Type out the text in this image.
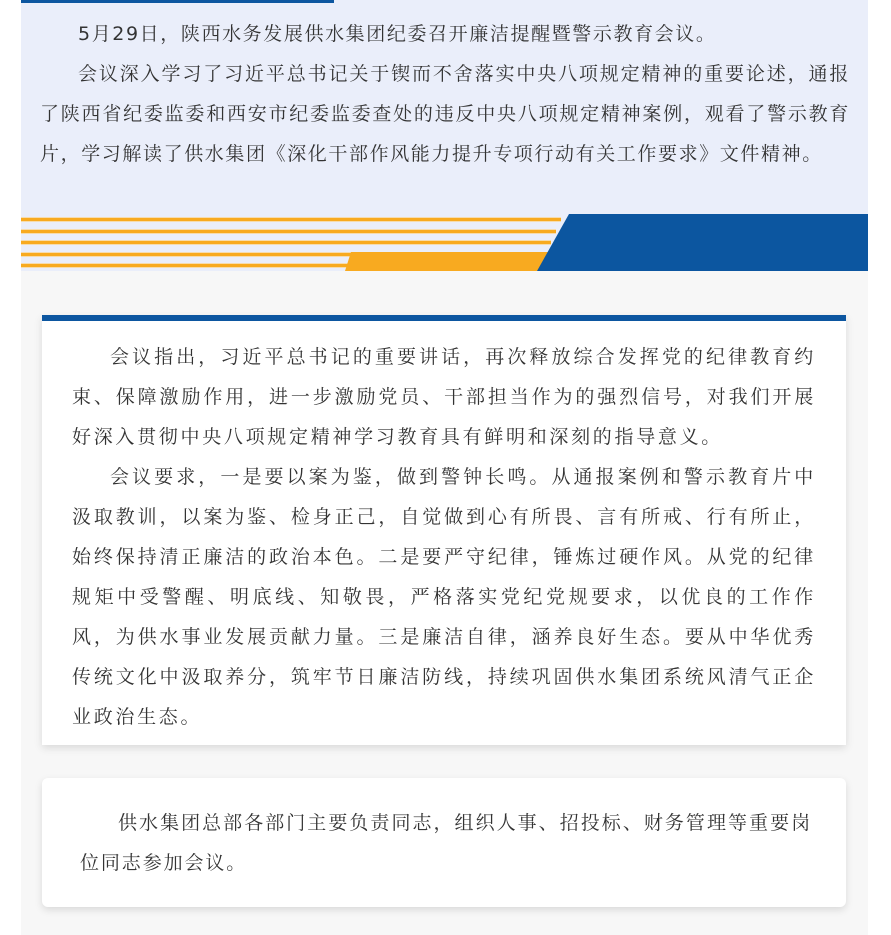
5月29日，陕西水务发展供水集团纪委召开廉洁提醒暨警示教育会议。

会议深入学习了习近平总书记关于锲而不舍落实中央八项规定精神的重要论述，通报了陕西省纪委监委和西安市纪委监委查处的违反中央八项规定精神案例，观看了警示教育片，学习解读了供水集团《深化干部作风能力提升专项行动有关工作要求》文件精神。

会议指出，习近平总书记的重要讲话，再次释放综合发挥党的纪律教育约束、保障激励作用，进一步激励党员、干部担当作为的强烈信号，对我们开展好深入贯彻中央八项规定精神学习教育具有鲜明和深刻的指导意义。

会议要求，一是要以案为鉴，做到警钟长鸣。从通报案例和警示教育片中汲取教训，以案为鉴、检身正己，自觉做到心有所畏、言有所戒、行有所止，始终保持清正廉洁的政治本色。二是要严守纪律，锤炼过硬作风。从党的纪律规矩中受警醒、明底线、知敬畏，严格落实党纪党规要求，以优良的工作作风，为供水事业发展贡献力量。三是廉洁自律，涵养良好生态。要从中华优秀传统文化中汲取养分，筑牢节日廉洁防线，持续巩固供水集团系统风清气正企业政治生态。

供水集团总部各部门主要负责同志，组织人事、招投标、财务管理等重要岗位同志参加会议。
